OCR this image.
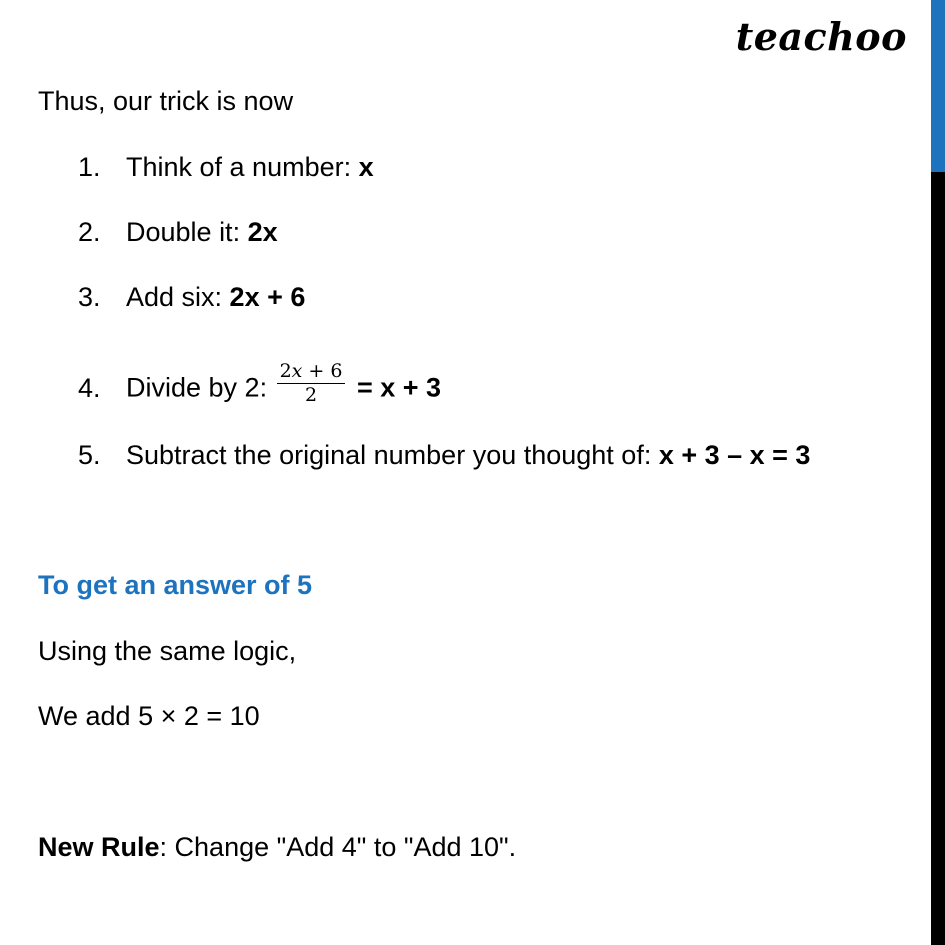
teachoo
Thus, our trick is now
1. Think of a number: x
2. Double it: 2x
3. Add six: 2x + 6
4. Divide by 2: $\frac{2x + 6}{2} = x + 3$
5. Subtract the original number you thought of: x + 3 – x = 3
To get an answer of 5
Using the same logic,
We add 5 × 2 = 10
New Rule: Change "Add 4" to "Add 10".
